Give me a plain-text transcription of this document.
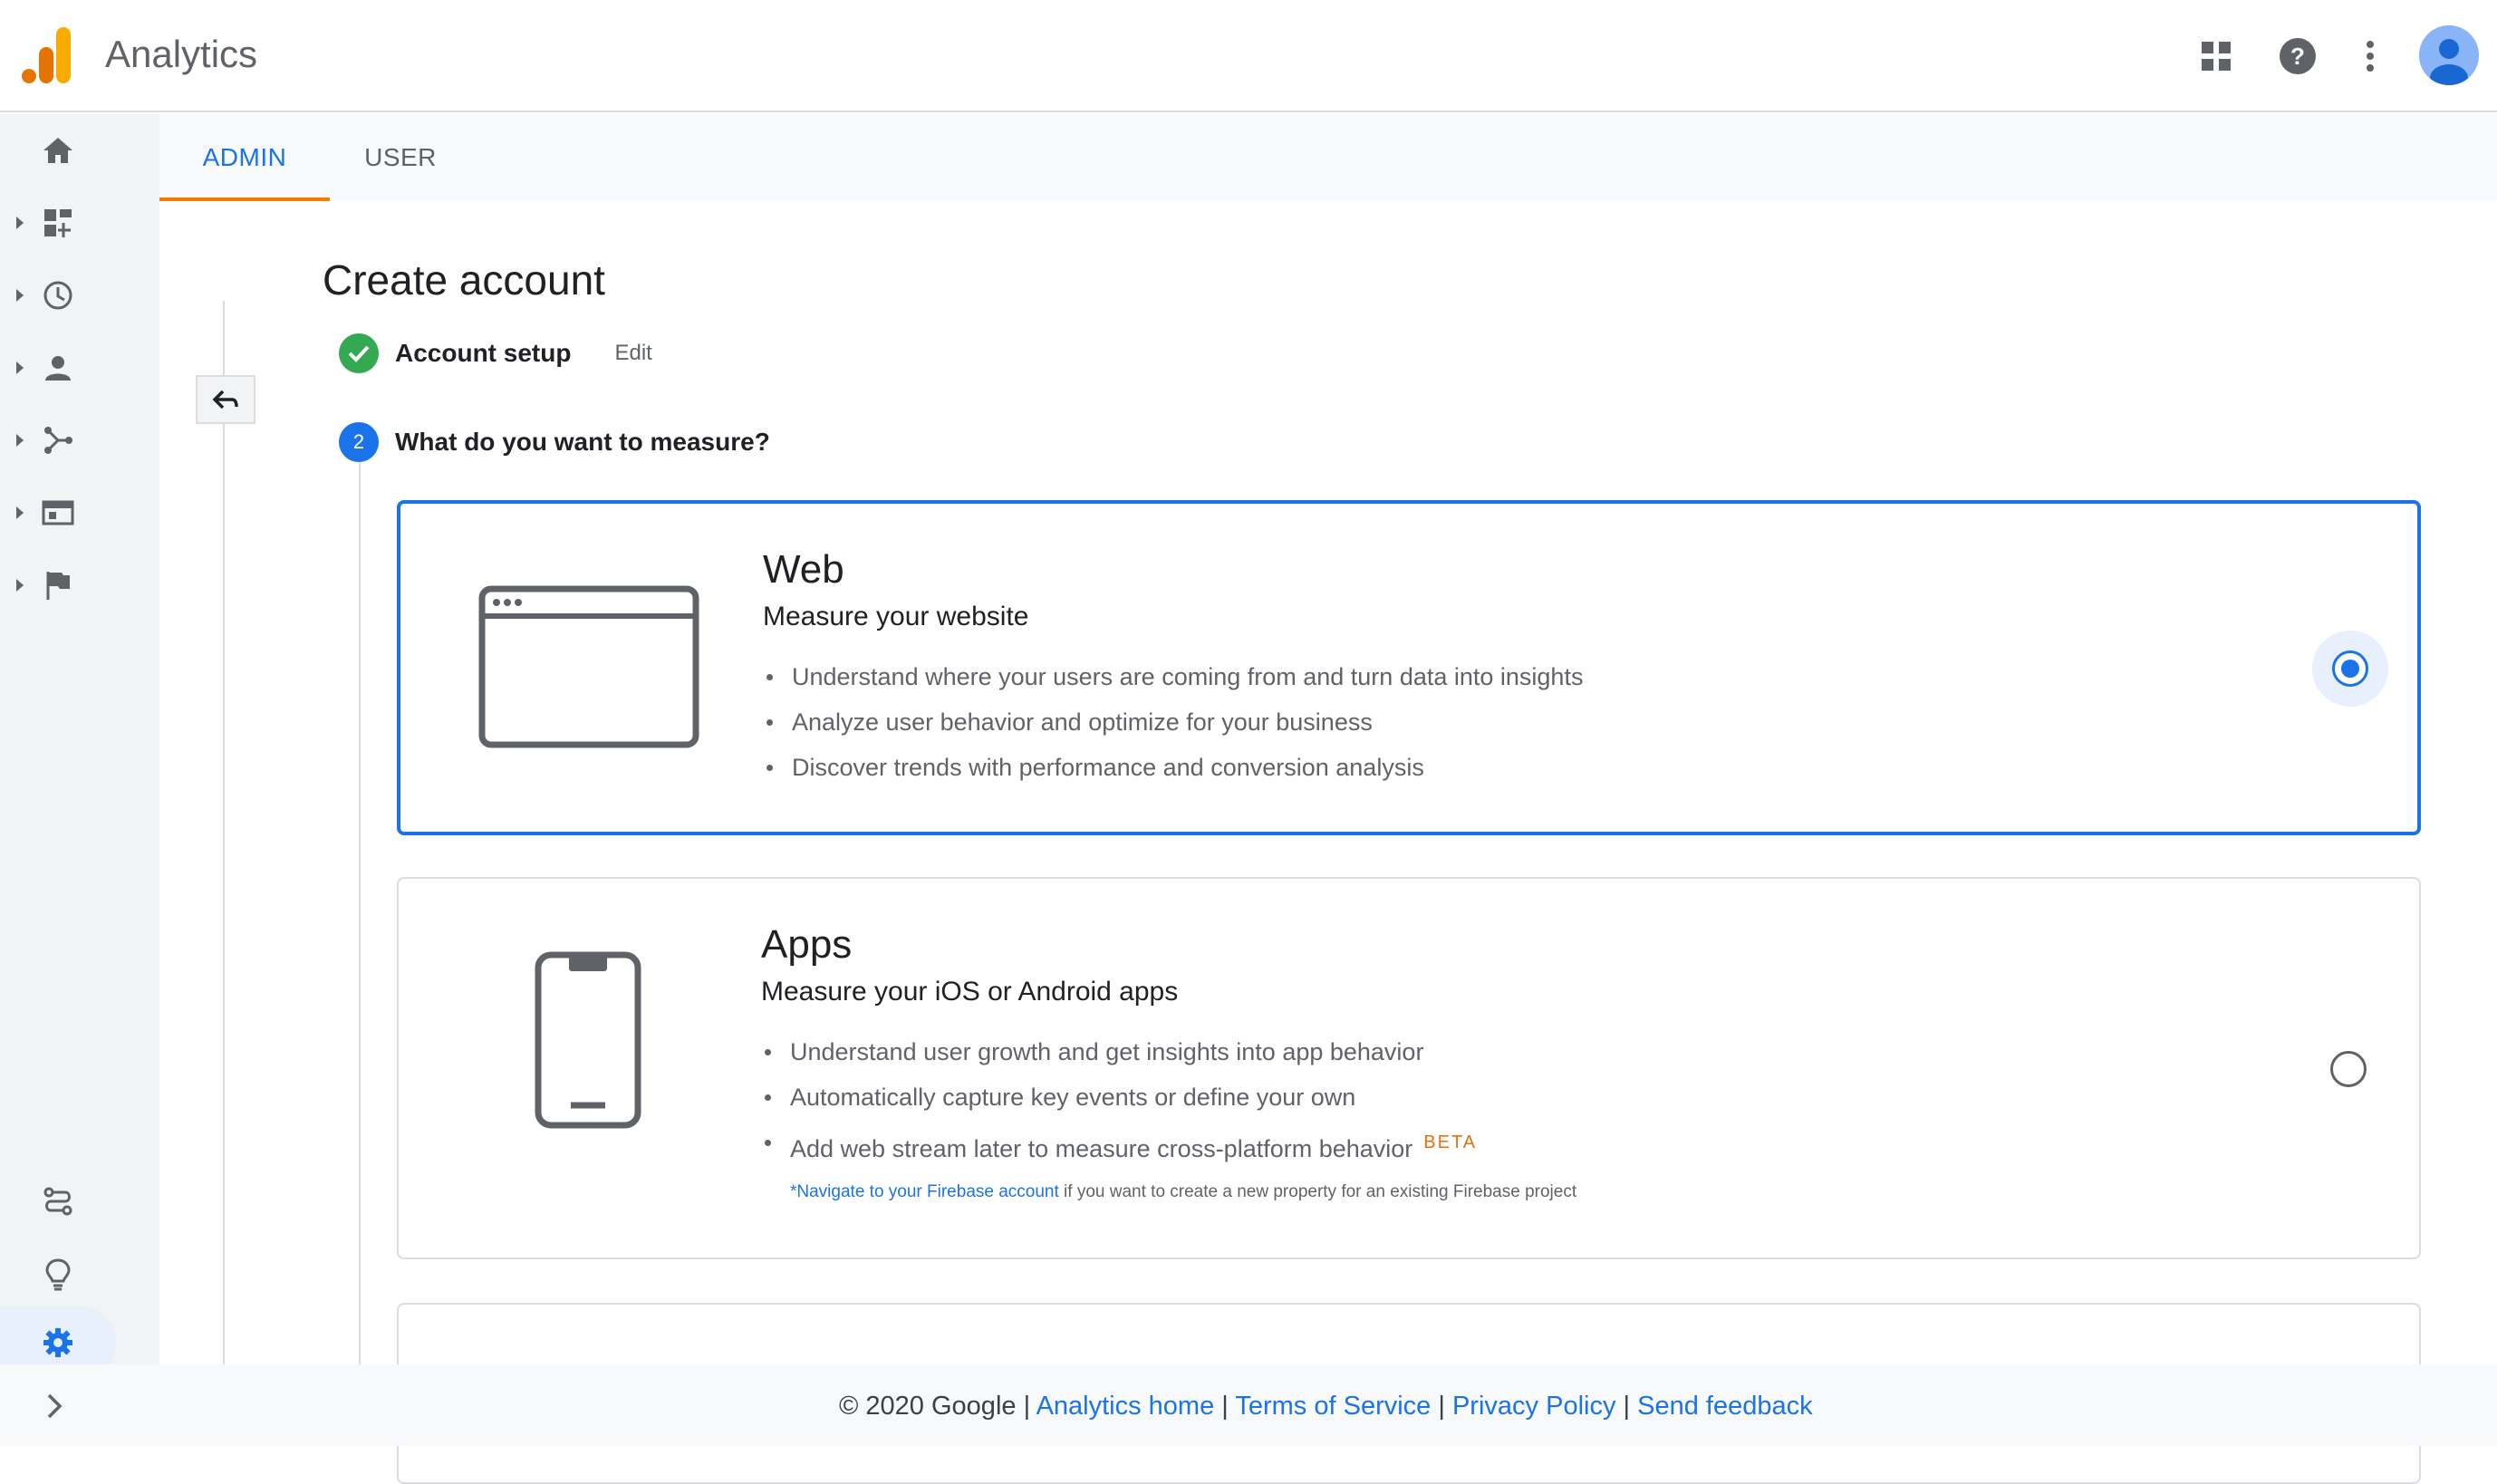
Analytics	?
ADMIN	USER
Create account
Account setup Edit
2	What do you want to measure?
Web
Measure your website
Understand where your users are coming from and turn data into insights
Analyze user behavior and optimize for your business
Discover trends with performance and conversion analysis
Apps
Measure your iOS or Android apps
Understand user growth and get insights into app behavior
Automatically capture key events or define your own
Add web stream later to measure cross-platform behavior $^{BETA}$
*Navigate to your Firebase account if you want to create a new property for an existing Firebase project
© 2020 Google | Analytics home | Terms of Service | Privacy Policy | Send feedback
